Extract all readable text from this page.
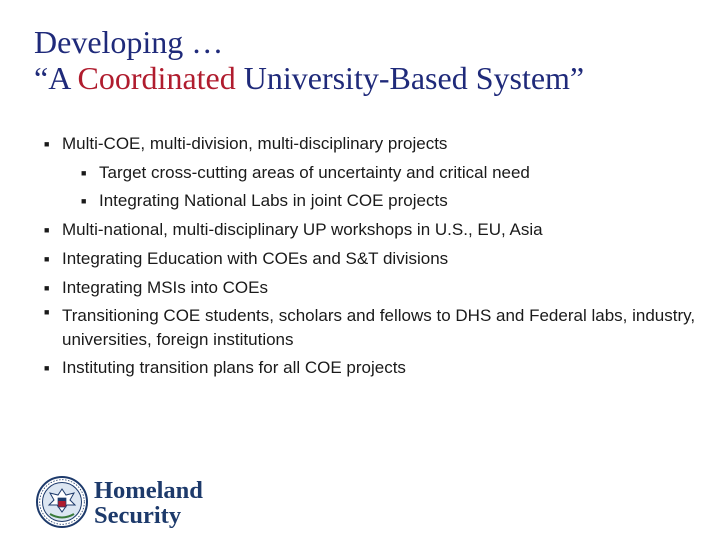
Developing …
“A Coordinated University-Based System”
■ Multi-COE, multi-division, multi-disciplinary projects
■ Target cross-cutting areas of uncertainty and critical need
■ Integrating National Labs in joint COE projects
■ Multi-national, multi-disciplinary UP workshops in U.S., EU, Asia
■ Integrating Education with COEs and S&T divisions
■ Integrating MSIs into COEs
■ Transitioning COE students, scholars and fellows to DHS and Federal labs, industry, universities, foreign institutions
■ Instituting transition plans for all COE projects
Homeland
Security
